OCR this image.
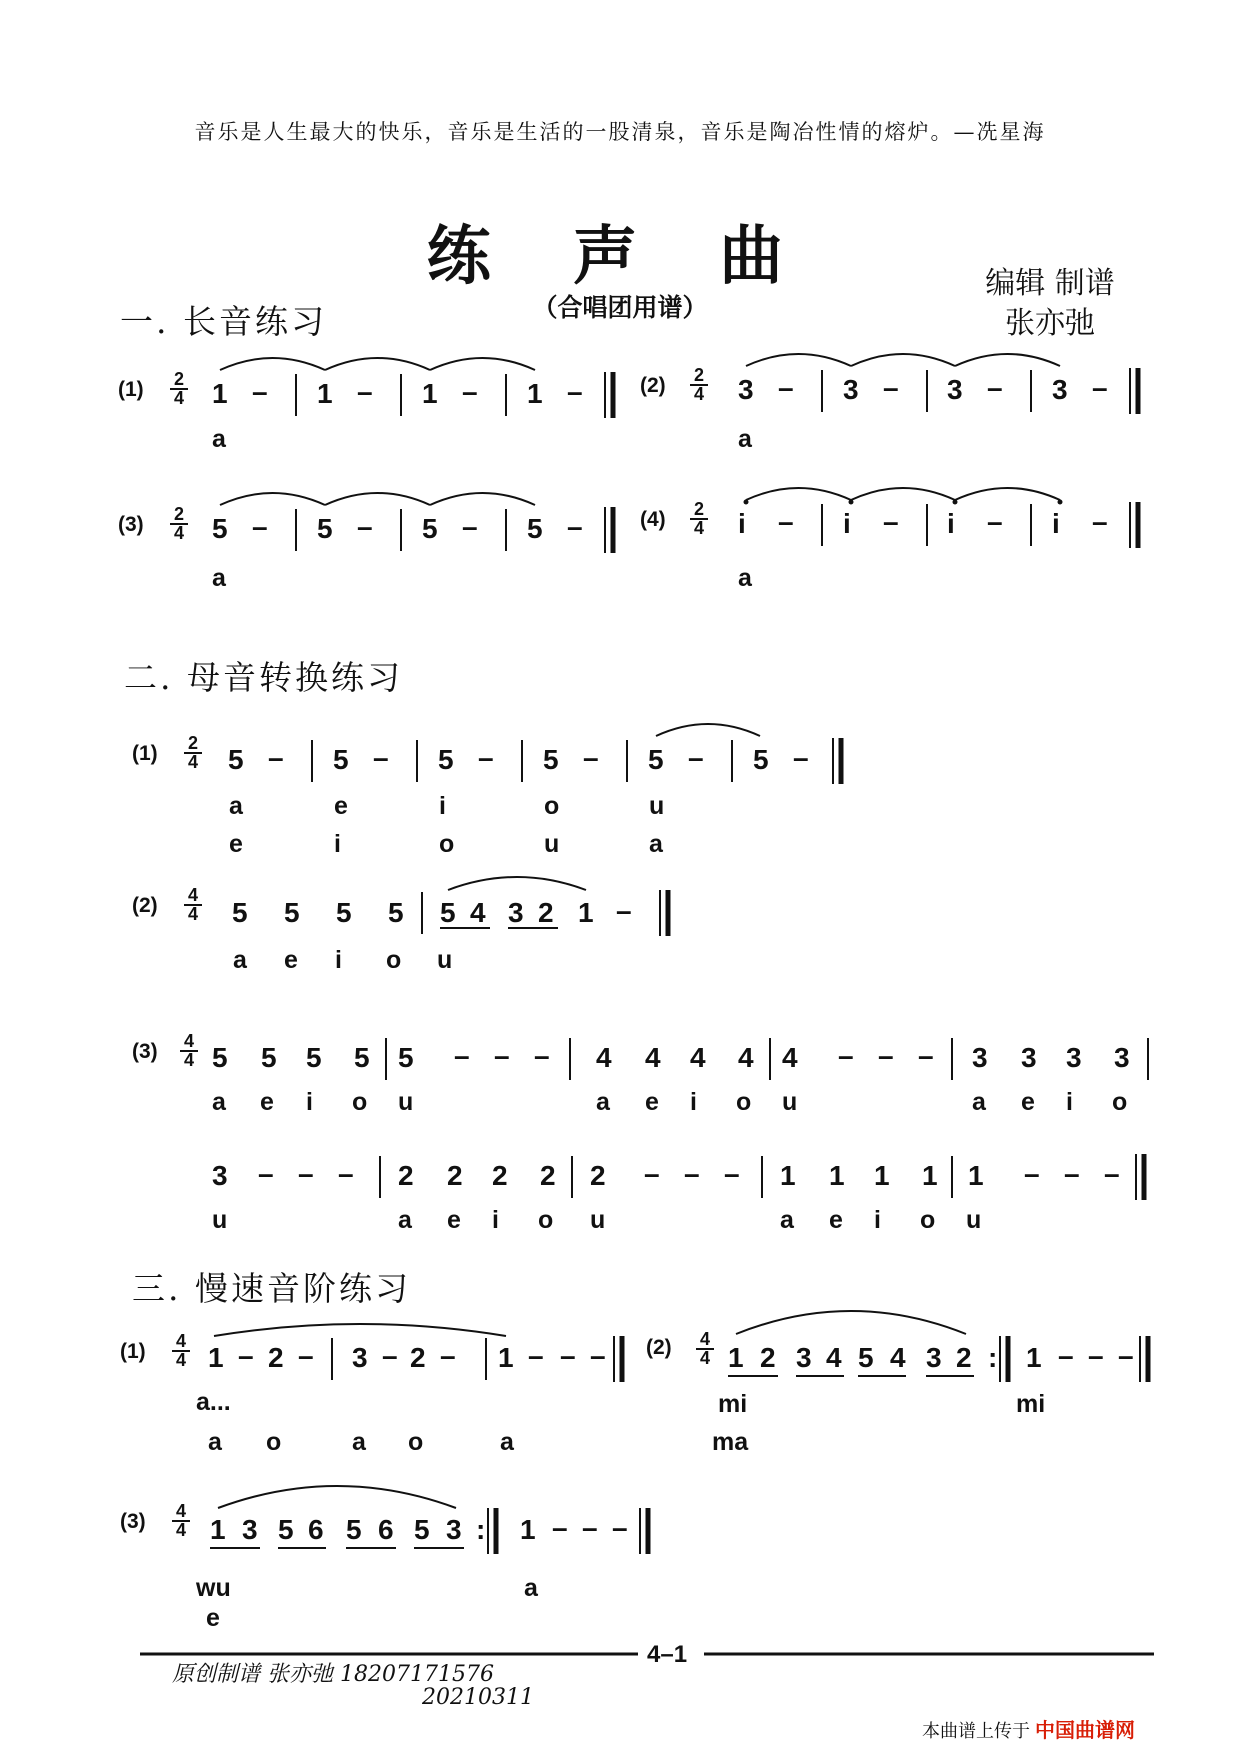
音乐是人生最大的快乐，音乐是生活的一股清泉，音乐是陶冶性情的熔炉。—冼星海
练 声 曲
（合唱团用谱）
编辑 制谱
张亦弛
一. 长音练习
二. 母音转换练习
三. 慢速音阶练习
(1)	2
4 1 – 1 – 1 – 1 –
a
(2)	2
4 3 – 3 – 3 – 3 –
a
(3)	2
4 5 – 5 – 5 – 5 –
a
(4)	2
4 i – i – i – i –
a
(1)	2
4 5 – 5 – 5 – 5 – 5 – 5 –
a	e	i	o	u
e	i	o	u	a
(2)	4
4 5 5 5 5 5 4 3 2 1 –
a e i o u
(3)	4
4 5 5 5 5 5 – – – 4 4 4 4 4 – – – 3 3 3 3
a e i o u	a e i o u	a e i o
3 – – – 2 2 2 2 2 – – – 1 1 1 1 1 – – –
u	a e i o u	a e i o u
(1)	4
4 1 – 2 – 3 – 2 – 1 – – –
a...
a o	a o	a
(2)	4
4 1 2 3 4 5 4 3 2 : 1 – – –
mi	mi
ma
(3)	4
4 1 3 5 6 5 6 5 3 : 1 – – –
wu	a
e
原创制谱 张亦弛 18207171576
20210311
4–1
本曲谱上传于 中国曲谱网
